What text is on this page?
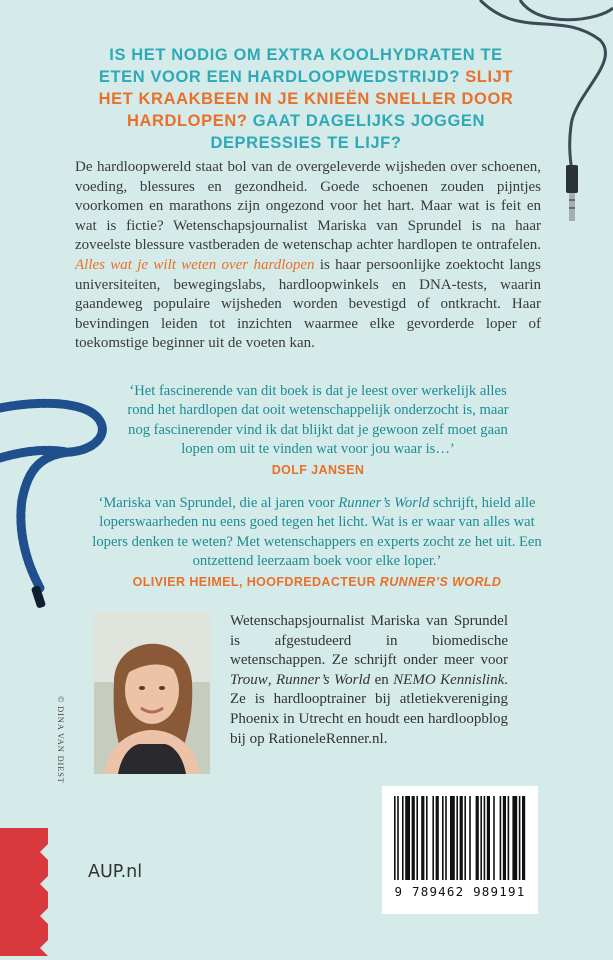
IS HET NODIG OM EXTRA KOOLHYDRATEN TE ETEN VOOR EEN HARDLOOPWEDSTRIJD? SLIJT HET KRAAKBEEN IN JE KNIEËN SNELLER DOOR HARDLOPEN? GAAT DAGELIJKS JOGGEN DEPRESSIES TE LIJF?
De hardloopwereld staat bol van de overgeleverde wijsheden over schoenen, voeding, blessures en gezondheid. Goede schoenen zouden pijntjes voorkomen en marathons zijn ongezond voor het hart. Maar wat is feit en wat is fictie? Wetenschapsjournalist Mariska van Sprundel is na haar zoveelste blessure vastberaden de wetenschap achter hardlopen te ontrafelen. Alles wat je wilt weten over hardlopen is haar persoonlijke zoektocht langs universiteiten, bewegingslabs, hardloopwinkels en DNA-tests, waarin gaandeweg populaire wijsheden worden bevestigd of ontkracht. Haar bevindingen leiden tot inzichten waarmee elke gevorderde loper of toekomstige beginner uit de voeten kan.
‘Het fascinerende van dit boek is dat je leest over werkelijk alles rond het hardlopen dat ooit wetenschappelijk onderzocht is, maar nog fascinerender vind ik dat blijkt dat je gewoon zelf moet gaan lopen om uit te vinden wat voor jou waar is…’
DOLF JANSEN
‘Mariska van Sprundel, die al jaren voor Runner’s World schrijft, hield alle loperswaarheden nu eens goed tegen het licht. Wat is er waar van alles wat lopers denken te weten? Met wetenschappers en experts zocht ze het uit. Een ontzettend leerzaam boek voor elke loper.’
OLIVIER HEIMEL, HOOFDREDACTEUR RUNNER’S WORLD
© DINA VAN DIEST
Wetenschapsjournalist Mariska van Sprundel is afgestudeerd in biomedische wetenschappen. Ze schrijft onder meer voor Trouw, Runner’s World en NEMO Kennislink. Ze is hardlooptrainer bij atletiekvereniging Phoenix in Utrecht en houdt een hardloopblog bij op RationeleRenner.nl.
AUP.nl
9 789462 989191
